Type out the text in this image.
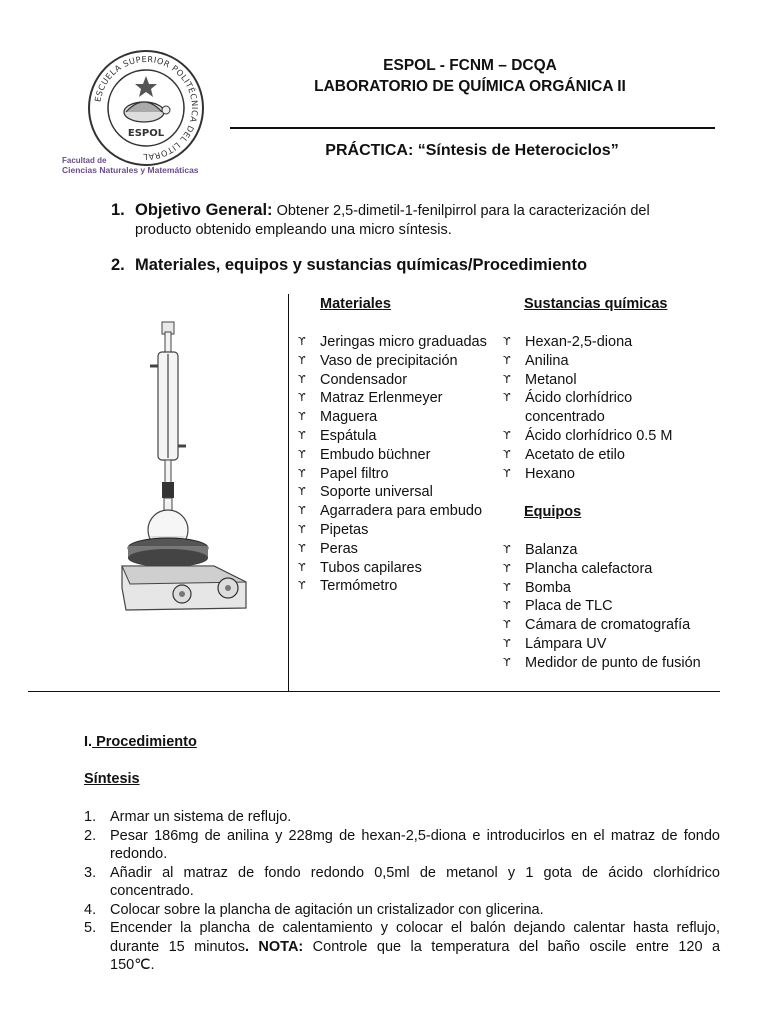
ESCUELA SUPERIOR POLITÉCNICA DEL LITORAL
ESPOL
Facultad de
Ciencias Naturales y Matemáticas
ESPOL - FCNM – DCQA
LABORATORIO DE QUÍMICA ORGÁNICA II
PRÁCTICA: “Síntesis de Heterociclos”
1. Objetivo General: Obtener 2,5-dimetil-1-fenilpirrol para la caracterización del
producto obtenido empleando una micro síntesis.
2. Materiales, equipos y sustancias químicas/Procedimiento
Materiales
ϒ Jeringas micro graduadas
ϒ Vaso de precipitación
ϒ Condensador
ϒ Matraz Erlenmeyer
ϒ Maguera
ϒ Espátula
ϒ Embudo büchner
ϒ Papel filtro
ϒ Soporte universal
ϒ Agarradera para embudo
ϒ Pipetas
ϒ Peras
ϒ Tubos capilares
ϒ Termómetro
Sustancias químicas
ϒ Hexan-2,5-diona
ϒ Anilina
ϒ Metanol
ϒ Ácido clorhídrico
concentrado
ϒ Ácido clorhídrico 0.5 M
ϒ Acetato de etilo
ϒ Hexano
Equipos
ϒ Balanza
ϒ Plancha calefactora
ϒ Bomba
ϒ Placa de TLC
ϒ Cámara de cromatografía
ϒ Lámpara UV
ϒ Medidor de punto de fusión
I. Procedimiento
Síntesis
1. Armar un sistema de reflujo.
2. Pesar 186mg de anilina y 228mg de hexan-2,5-diona e introducirlos en el matraz de fondo
redondo.
3. Añadir al matraz de fondo redondo 0,5ml de metanol y 1 gota de ácido clorhídrico
concentrado.
4. Colocar sobre la plancha de agitación un cristalizador con glicerina.
5. Encender la plancha de calentamiento y colocar el balón dejando calentar hasta reflujo,
durante 15 minutos. NOTA: Controle que la temperatura del baño oscile entre 120 a
150℃.
